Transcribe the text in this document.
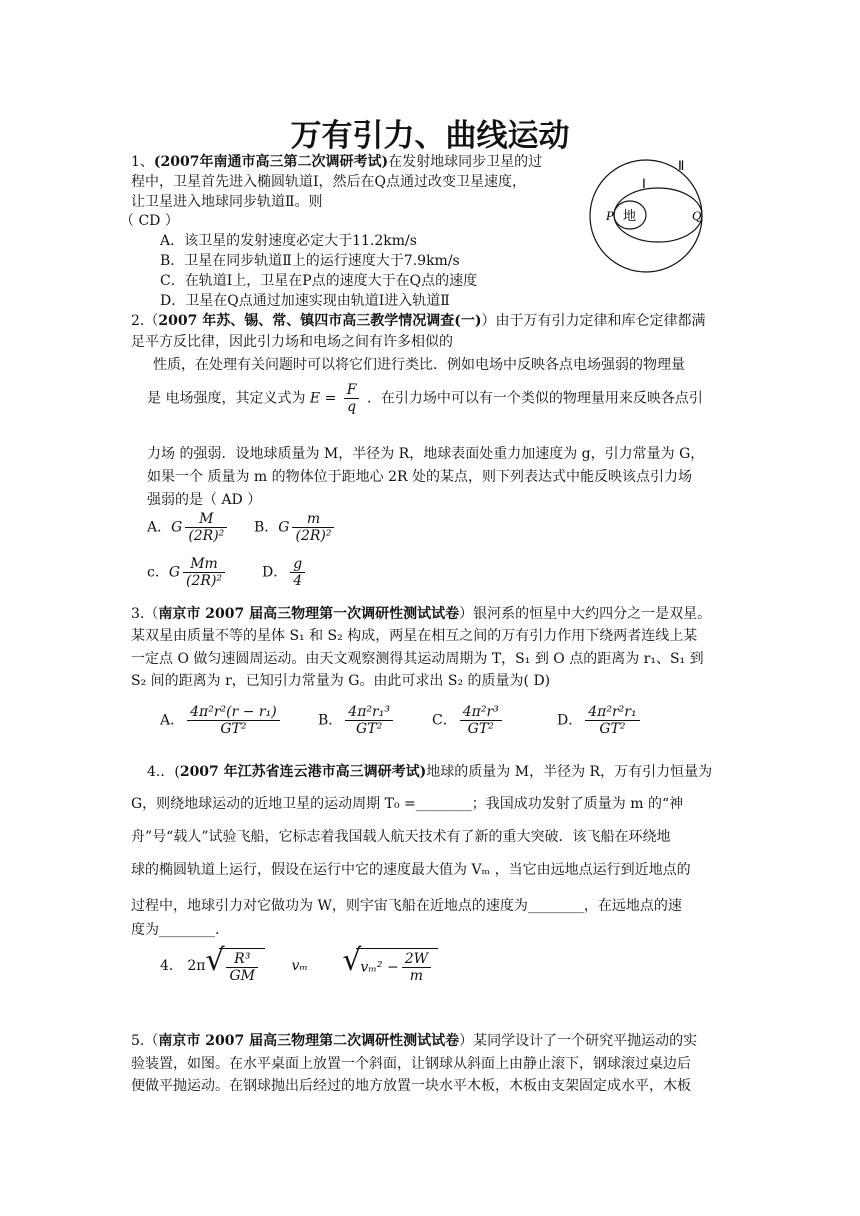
万有引力、曲线运动
1、(2007年南通市高三第二次调研考试)在发射地球同步卫星的过
程中，卫星首先进入椭圆轨道Ⅰ，然后在Q点通过改变卫星速度，
让卫星进入地球同步轨道Ⅱ。则
（ CD ）
A．该卫星的发射速度必定大于11.2km/s
B．卫星在同步轨道Ⅱ上的运行速度大于7.9km/s
C．在轨道Ⅰ上，卫星在P点的速度大于在Q点的速度
D．卫星在Q点通过加速实现由轨道Ⅰ进入轨道Ⅱ
地
P	Q
Ⅰ
Ⅱ
2.（2007 年苏、锡、常、镇四市高三教学情况调查(一)）由于万有引力定律和库仑定律都满
足平方反比律，因此引力场和电场之间有许多相似的
性质，在处理有关问题时可以将它们进行类比．例如电场中反映各点电场强弱的物理量
是 电场强度，其定义式为 $E = \frac{F}{q}$ ．在引力场中可以有一个类似的物理量用来反映各点引
力场 的强弱．设地球质量为 M，半径为 R，地球表面处重力加速度为 g，引力常量为 G，
如果一个 质量为 m 的物体位于距地心 2R 处的某点，则下列表达式中能反映该点引力场
强弱的是（ AD ）
A．G $\frac{M}{\text{(2R)²}}$ B．G $\frac{m}{\text{(2R)²}}$
c．G $\frac{Mm}{\text{(2R)²}}$	D． $\frac{g}{4}$
3.（南京市 2007 届高三物理第一次调研性测试试卷）银河系的恒星中大约四分之一是双星。
某双星由质量不等的星体 S₁ 和 S₂ 构成，两星在相互之间的万有引力作用下绕两者连线上某
一定点 O 做匀速圆周运动。由天文观察测得其运动周期为 T，S₁ 到 O 点的距离为 r₁、S₁ 到
S₂ 间的距离为 r，已知引力常量为 G。由此可求出 S₂ 的质量为( D)
A． $\frac{\text{4π²r²(r − r₁)}}{\text{GT²}}$	B． $\frac{\text{4π²r₁³}}{\text{GT²}}$	C． $\frac{\text{4π²r³}}{\text{GT²}}$	D． $\frac{\text{4π²r²r₁}}{\text{GT²}}$
4.．(2007 年江苏省连云港市高三调研考试)地球的质量为 M，半径为 R，万有引力恒量为
G，则绕地球运动的近地卫星的运动周期 T₀ =________；我国成功发射了质量为 m 的“神
舟”号“载人”试验飞船，它标志着我国载人航天技术有了新的重大突破．该飞船在环绕地
球的椭圆轨道上运行，假设在运行中它的速度最大值为 Vₘ ，当它由远地点运行到近地点的
过程中，地球引力对它做功为 W，则宇宙飞船在近地点的速度为________，在远地点的速
度为________.
4． 2π √ $\frac{\text{R³}}{GM}$ vₘ √
$v_m^2 - \frac{2W}{m}$
5.（南京市 2007 届高三物理第二次调研性测试试卷）某同学设计了一个研究平抛运动的实
验装置，如图。在水平桌面上放置一个斜面，让钢球从斜面上由静止滚下，钢球滚过桌边后
便做平抛运动。在钢球抛出后经过的地方放置一块水平木板，木板由支架固定成水平，木板
